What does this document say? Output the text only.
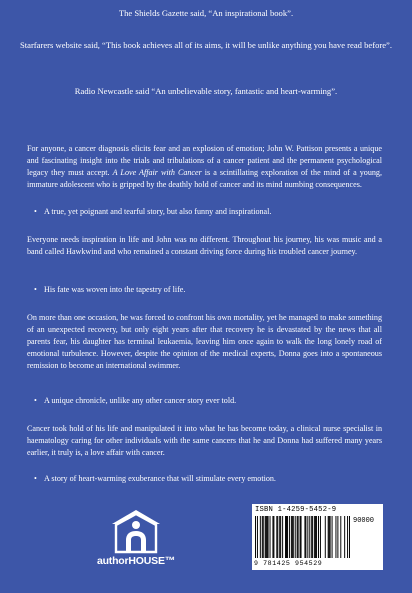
The Shields Gazette said, “An inspirational book”.

Starfarers website said, “This book achieves all of its aims, it will be unlike anything you have read before”.

Radio Newcastle said “An unbelievable story, fantastic and heart-warming”.

For anyone, a cancer diagnosis elicits fear and an explosion of emotion; John W. Pattison presents a unique and fascinating insight into the trials and tribulations of a cancer patient and the permanent psychological legacy they must accept. A Love Affair with Cancer is a scintillating exploration of the mind of a young, immature adolescent who is gripped by the deathly hold of cancer and its mind numbing consequences.

• A true, yet poignant and tearful story, but also funny and inspirational.

Everyone needs inspiration in life and John was no different. Throughout his journey, his was music and a band called Hawkwind and who remained a constant driving force during his troubled cancer journey.

• His fate was woven into the tapestry of life.

On more than one occasion, he was forced to confront his own mortality, yet he managed to make something of an unexpected recovery, but only eight years after that recovery he is devastated by the news that all parents fear, his daughter has terminal leukaemia, leaving him once again to walk the long lonely road of emotional turbulence. However, despite the opinion of the medical experts, Donna goes into a spontaneous remission to become an international swimmer.

• A unique chronicle, unlike any other cancer story ever told.

Cancer took hold of his life and manipulated it into what he has become today, a clinical nurse specialist in haematology caring for other individuals with the same cancers that he and Donna had suffered many years earlier, it truly is, a love affair with cancer.

• A story of heart-warming exuberance that will stimulate every emotion.

authorHOUSE™
ISBN 1-4259-5452-9
90000
9 781425 954529
